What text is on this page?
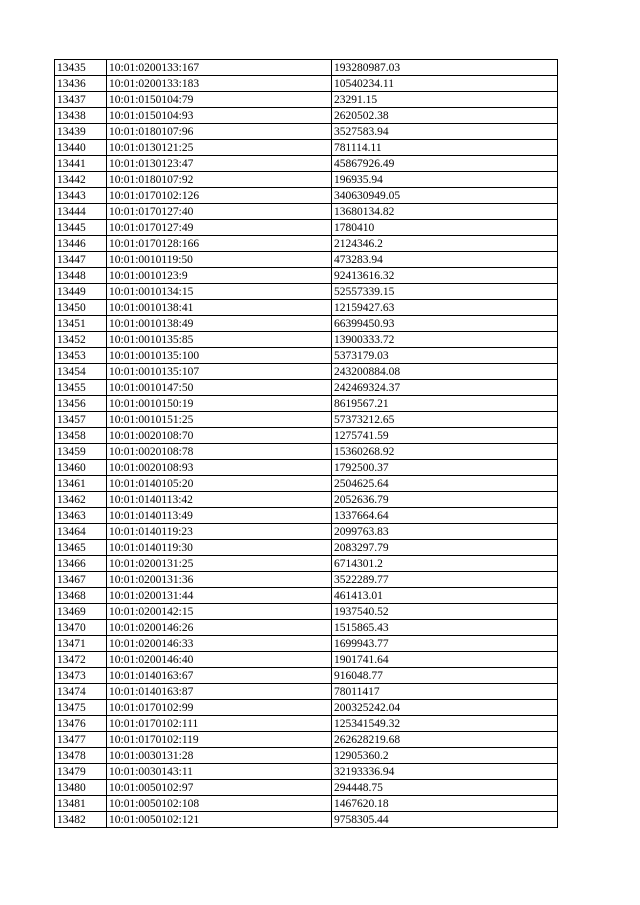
13435	10:01:0200133:167	193280987.03
13436	10:01:0200133:183	10540234.11
13437	10:01:0150104:79	23291.15
13438	10:01:0150104:93	2620502.38
13439	10:01:0180107:96	3527583.94
13440	10:01:0130121:25	781114.11
13441	10:01:0130123:47	45867926.49
13442	10:01:0180107:92	196935.94
13443	10:01:0170102:126	340630949.05
13444	10:01:0170127:40	13680134.82
13445	10:01:0170127:49	1780410
13446	10:01:0170128:166	2124346.2
13447	10:01:0010119:50	473283.94
13448	10:01:0010123:9	92413616.32
13449	10:01:0010134:15	52557339.15
13450	10:01:0010138:41	12159427.63
13451	10:01:0010138:49	66399450.93
13452	10:01:0010135:85	13900333.72
13453	10:01:0010135:100	5373179.03
13454	10:01:0010135:107	243200884.08
13455	10:01:0010147:50	242469324.37
13456	10:01:0010150:19	8619567.21
13457	10:01:0010151:25	57373212.65
13458	10:01:0020108:70	1275741.59
13459	10:01:0020108:78	15360268.92
13460	10:01:0020108:93	1792500.37
13461	10:01:0140105:20	2504625.64
13462	10:01:0140113:42	2052636.79
13463	10:01:0140113:49	1337664.64
13464	10:01:0140119:23	2099763.83
13465	10:01:0140119:30	2083297.79
13466	10:01:0200131:25	6714301.2
13467	10:01:0200131:36	3522289.77
13468	10:01:0200131:44	461413.01
13469	10:01:0200142:15	1937540.52
13470	10:01:0200146:26	1515865.43
13471	10:01:0200146:33	1699943.77
13472	10:01:0200146:40	1901741.64
13473	10:01:0140163:67	916048.77
13474	10:01:0140163:87	78011417
13475	10:01:0170102:99	200325242.04
13476	10:01:0170102:111	125341549.32
13477	10:01:0170102:119	262628219.68
13478	10:01:0030131:28	12905360.2
13479	10:01:0030143:11	32193336.94
13480	10:01:0050102:97	294448.75
13481	10:01:0050102:108	1467620.18
13482	10:01:0050102:121	9758305.44
